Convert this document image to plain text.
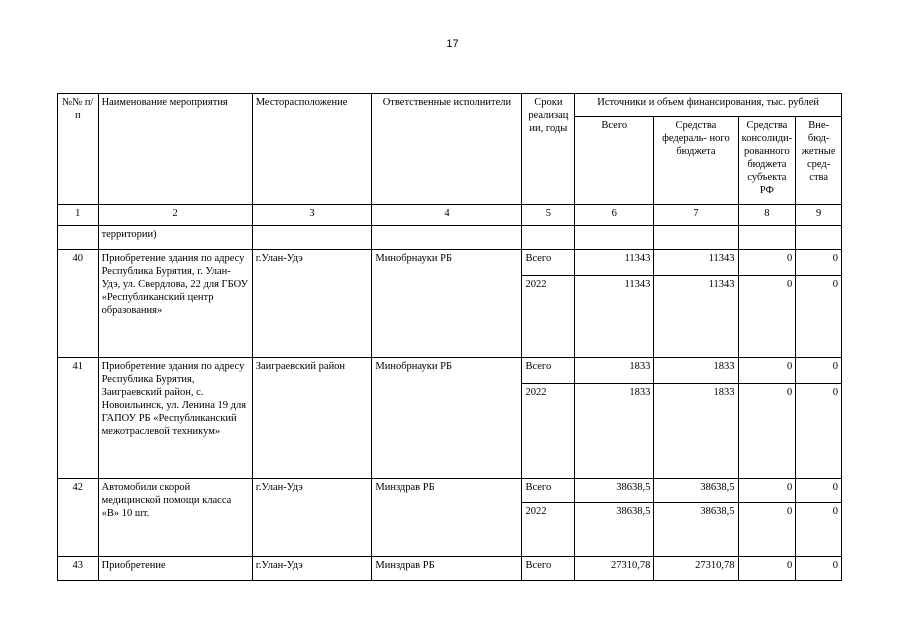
17
№№ п/п	Наименование мероприятия	Месторасположение	Ответственные исполнители	Сроки реализац ии, годы	Источники и объем финансирования, тыс. рублей			
					Всего	Средства федераль- ного бюджета	Средства консолиди- рованного бюджета субъекта РФ	Вне- бюд- жетные сред- ства
1	2	3	4	5	6	7	8	9
	территории)							
40	Приобретение здания по адресу Республика Бурятия, г. Улан-Удэ, ул. Свердлова, 22 для ГБОУ «Республиканский центр образования»	г.Улан-Удэ	Минобрнауки РБ	Всего	11343	11343	0	0
				2022	11343	11343	0	0
41	Приобретение здания по адресу Республика Бурятия, Заиграевский район, с. Новоильинск, ул. Ленина 19 для ГАПОУ РБ «Республиканский межотраслевой техникум»	Заиграевский район	Минобрнауки РБ	Всего	1833	1833	0	0
				2022	1833	1833	0	0
42	Автомобили скорой медицинской помощи класса «В» 10 шт.	г.Улан-Удэ	Минздрав РБ	Всего	38638,5	38638,5	0	0
				2022	38638,5	38638,5	0	0
43	Приобретение	г.Улан-Удэ	Минздрав РБ	Всего	27310,78	27310,78	0	0
